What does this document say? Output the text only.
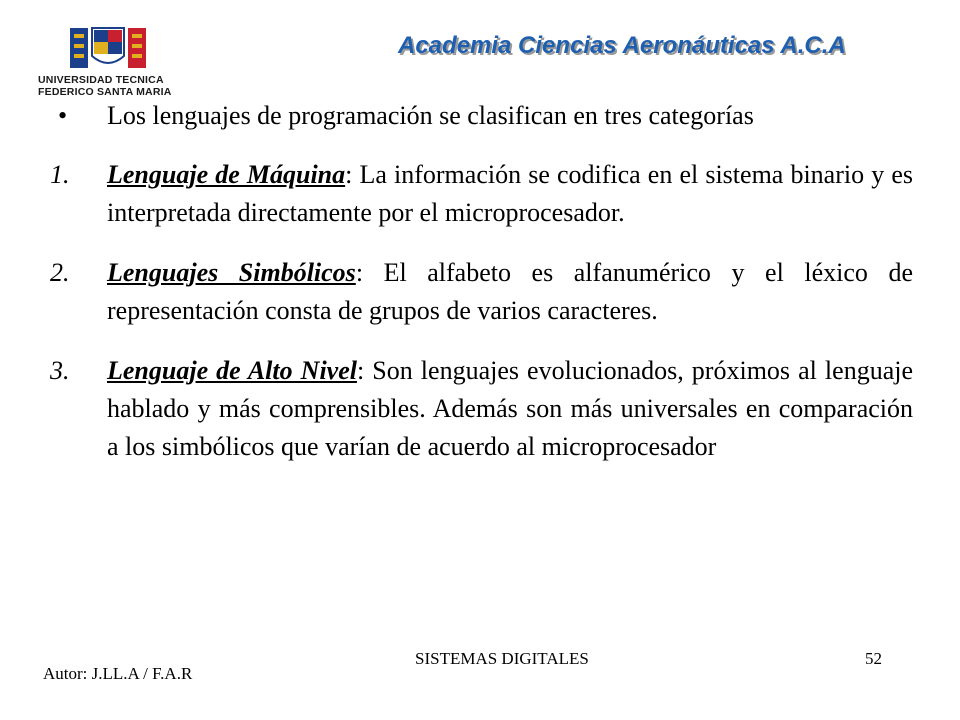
UNIVERSIDAD TECNICA
FEDERICO SANTA MARIA
Academia Ciencias Aeronáuticas A.C.A
• Los lenguajes de programación se clasifican en tres categorías
1. Lenguaje de Máquina: La información se codifica en el sistema binario y es interpretada directamente por el microprocesador.
2. Lenguajes Simbólicos: El alfabeto es alfanumérico y el léxico de representación consta de grupos de varios caracteres.
3. Lenguaje de Alto Nivel: Son lenguajes evolucionados, próximos al lenguaje hablado y más comprensibles. Además son más universales en comparación a los simbólicos que varían de acuerdo al microprocesador
Autor: J.LL.A / F.A.R
SISTEMAS DIGITALES	52
